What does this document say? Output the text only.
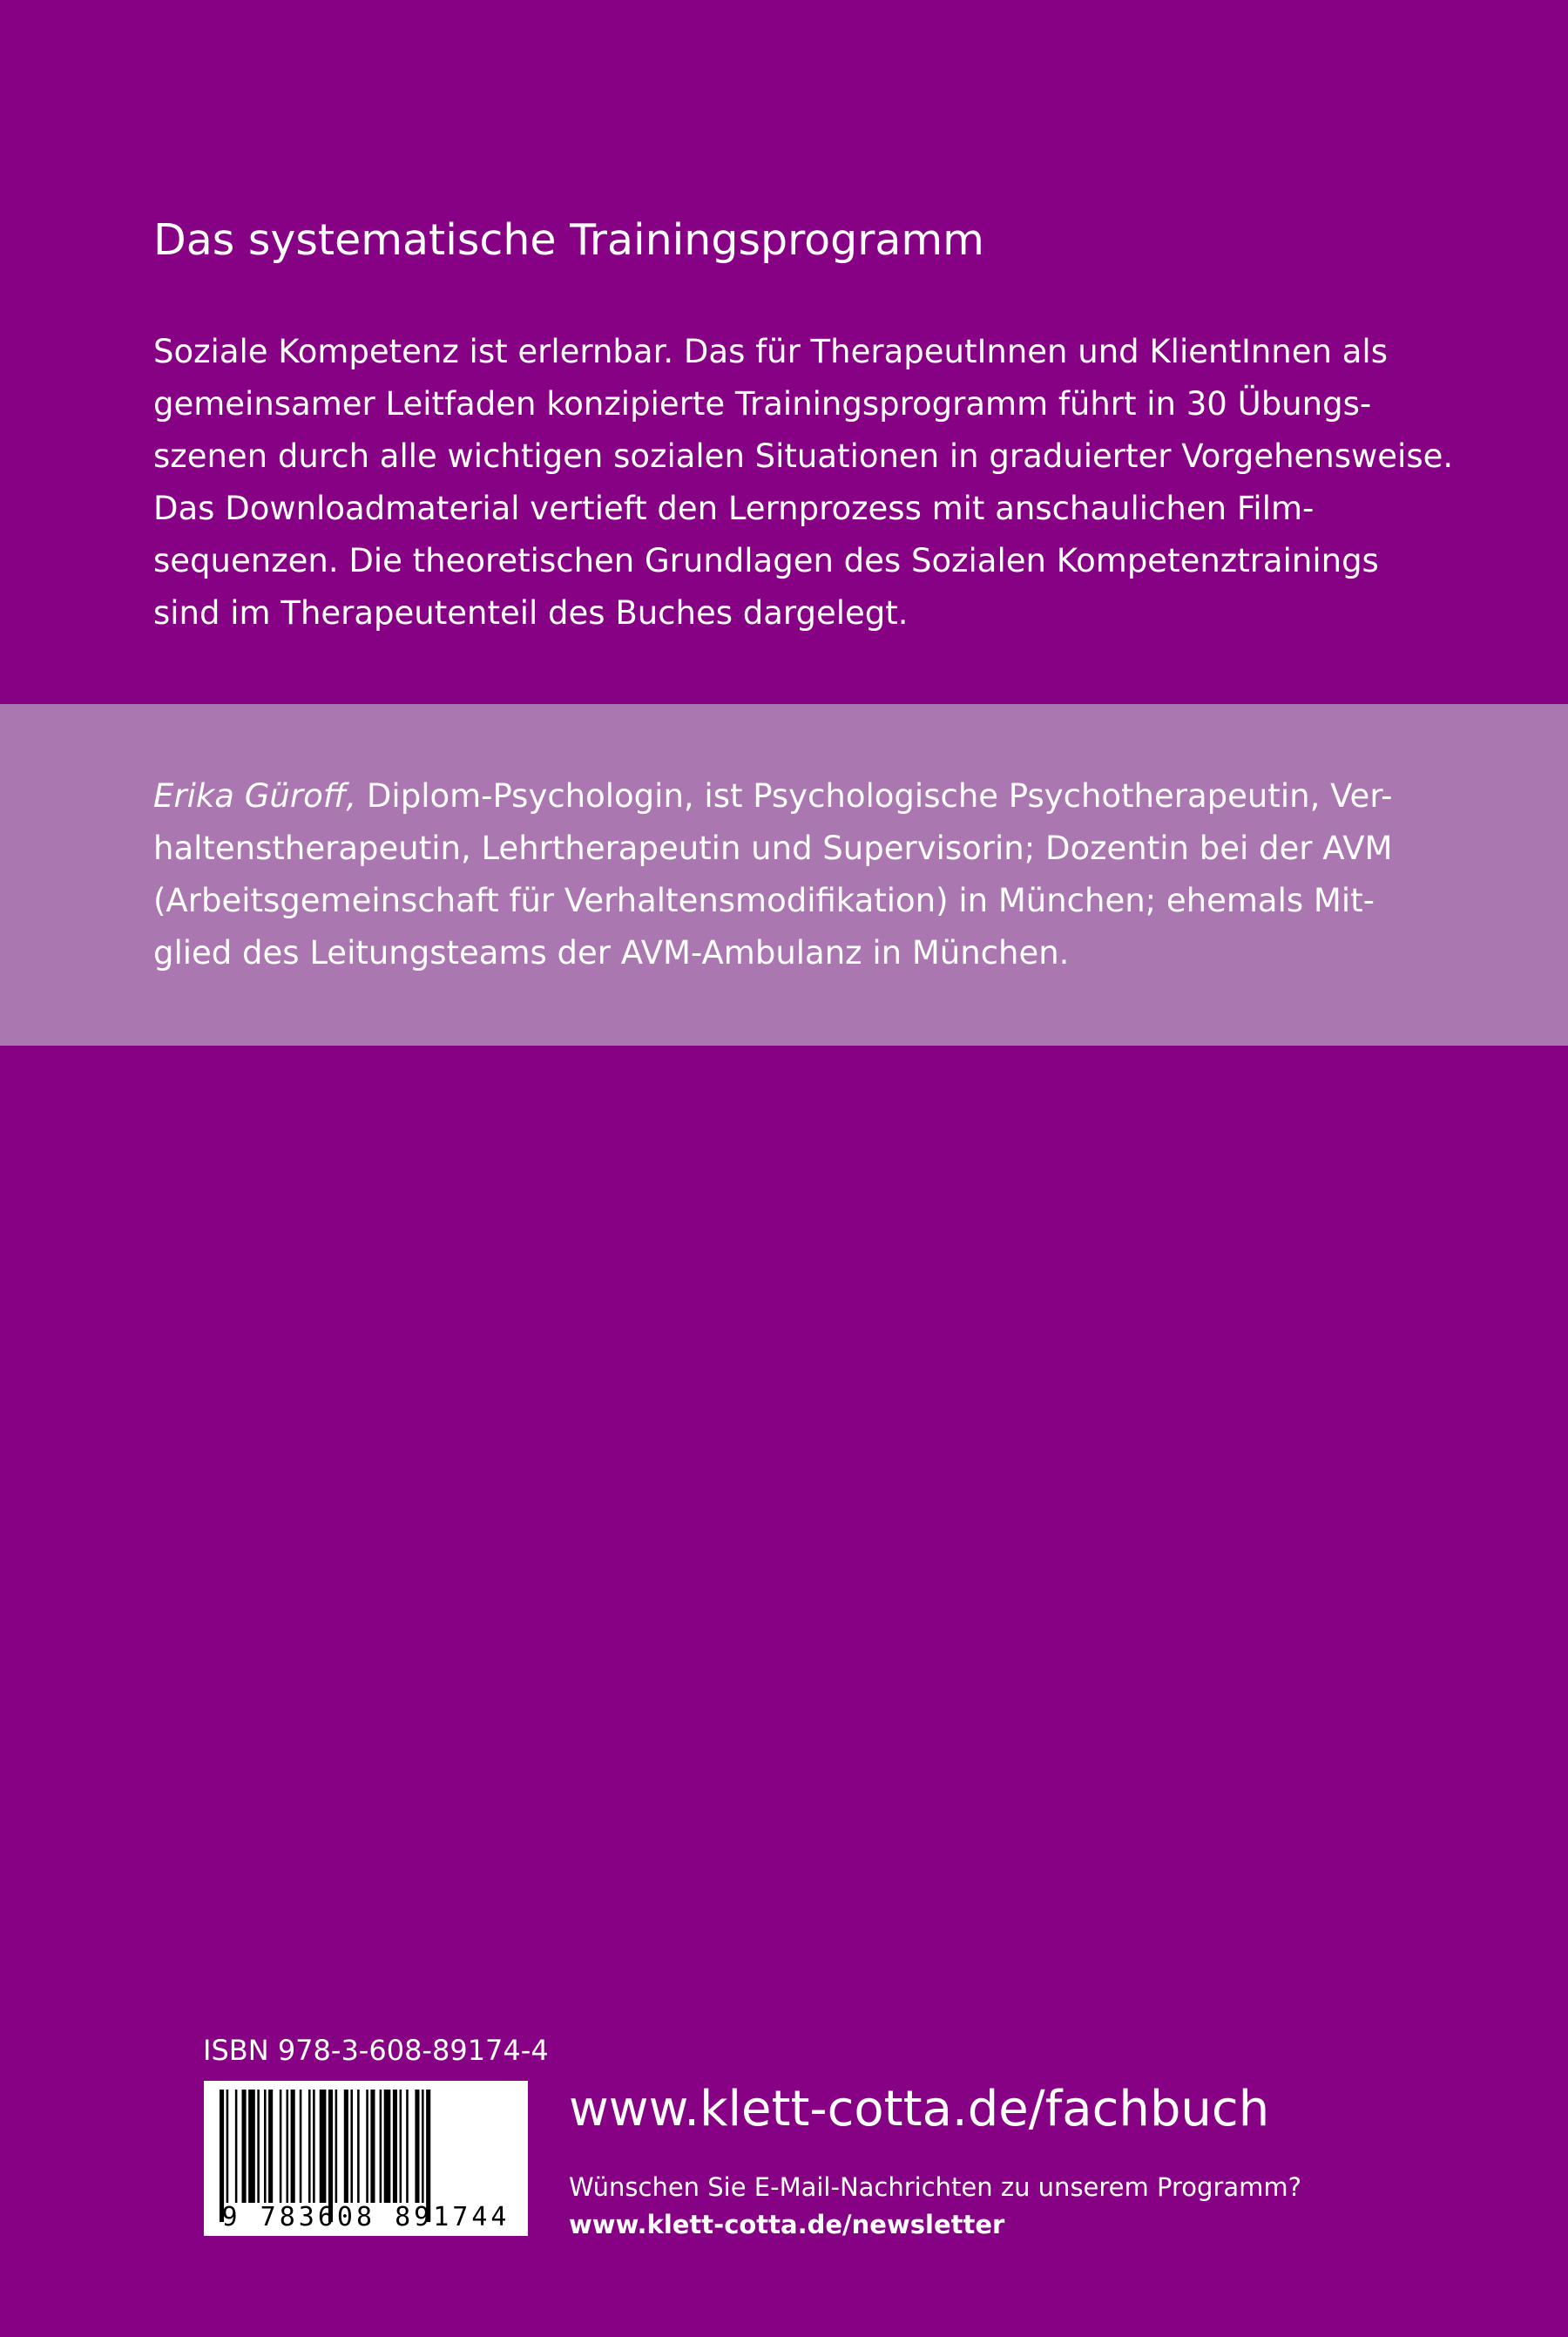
Das systematische Trainingsprogramm
Soziale Kompetenz ist erlernbar. Das für TherapeutInnen und KlientInnen als
gemeinsamer Leitfaden konzipierte Trainingsprogramm führt in 30 Übungs-
szenen durch alle wichtigen sozialen Situationen in graduierter Vorgehensweise.
Das Downloadmaterial vertieft den Lernprozess mit anschaulichen Film-
sequenzen. Die theoretischen Grundlagen des Sozialen Kompetenztrainings
sind im Therapeutenteil des Buches dargelegt.
Erika Güroff, Diplom-Psychologin, ist Psychologische Psychotherapeutin, Ver-
haltenstherapeutin, Lehrtherapeutin und Supervisorin; Dozentin bei der AVM
(Arbeitsgemeinschaft für Verhaltensmodifikation) in München; ehemals Mit-
glied des Leitungsteams der AVM-Ambulanz in München.
ISBN 978-3-608-89174-4
9 783608 891744
www.klett-cotta.de/fachbuch
Wünschen Sie E-Mail-Nachrichten zu unserem Programm?
www.klett-cotta.de/newsletter
